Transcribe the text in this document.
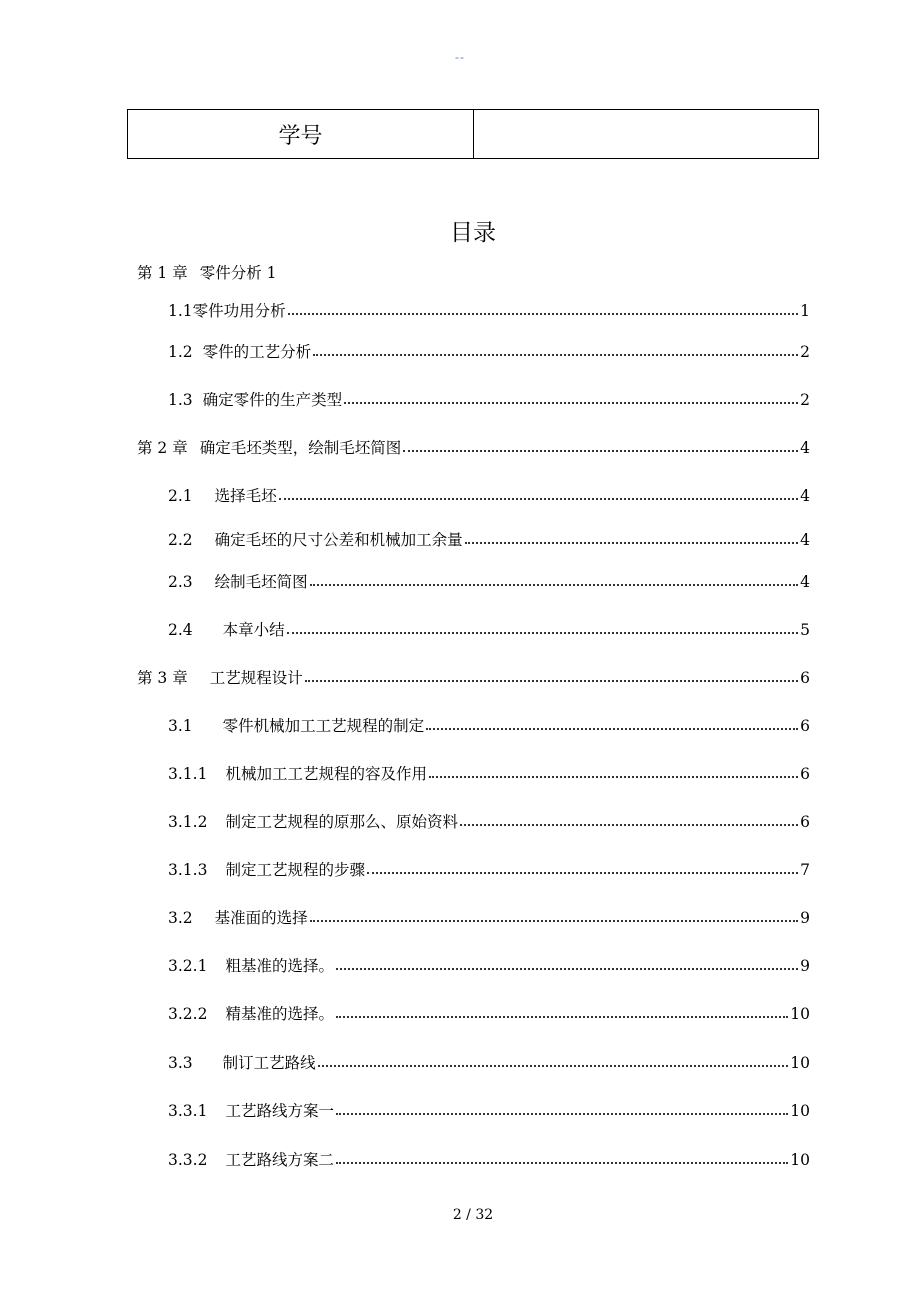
--
学号	
目录
第 1 章 零件分析 1
1.1 零件功用分析	1
1.2 零件的工艺分析	2
1.3 确定零件的生产类型	2
第 2 章 确定毛坯类型，绘制毛坯简图	4
2.1 选择毛坯	4
2.2 确定毛坯的尺寸公差和机械加工余量	4
2.3 绘制毛坯简图	4
2.4 本章小结	5
第 3 章 工艺规程设计	6
3.1 零件机械加工工艺规程的制定	6
3.1.1 机械加工工艺规程的容及作用	6
3.1.2 制定工艺规程的原那么、原始资料	6
3.1.3 制定工艺规程的步骤	7
3.2 基准面的选择	9
3.2.1 粗基准的选择。	9
3.2.2 精基准的选择。	10
3.3 制订工艺路线	10
3.3.1 工艺路线方案一	10
3.3.2 工艺路线方案二	10
2 / 32
